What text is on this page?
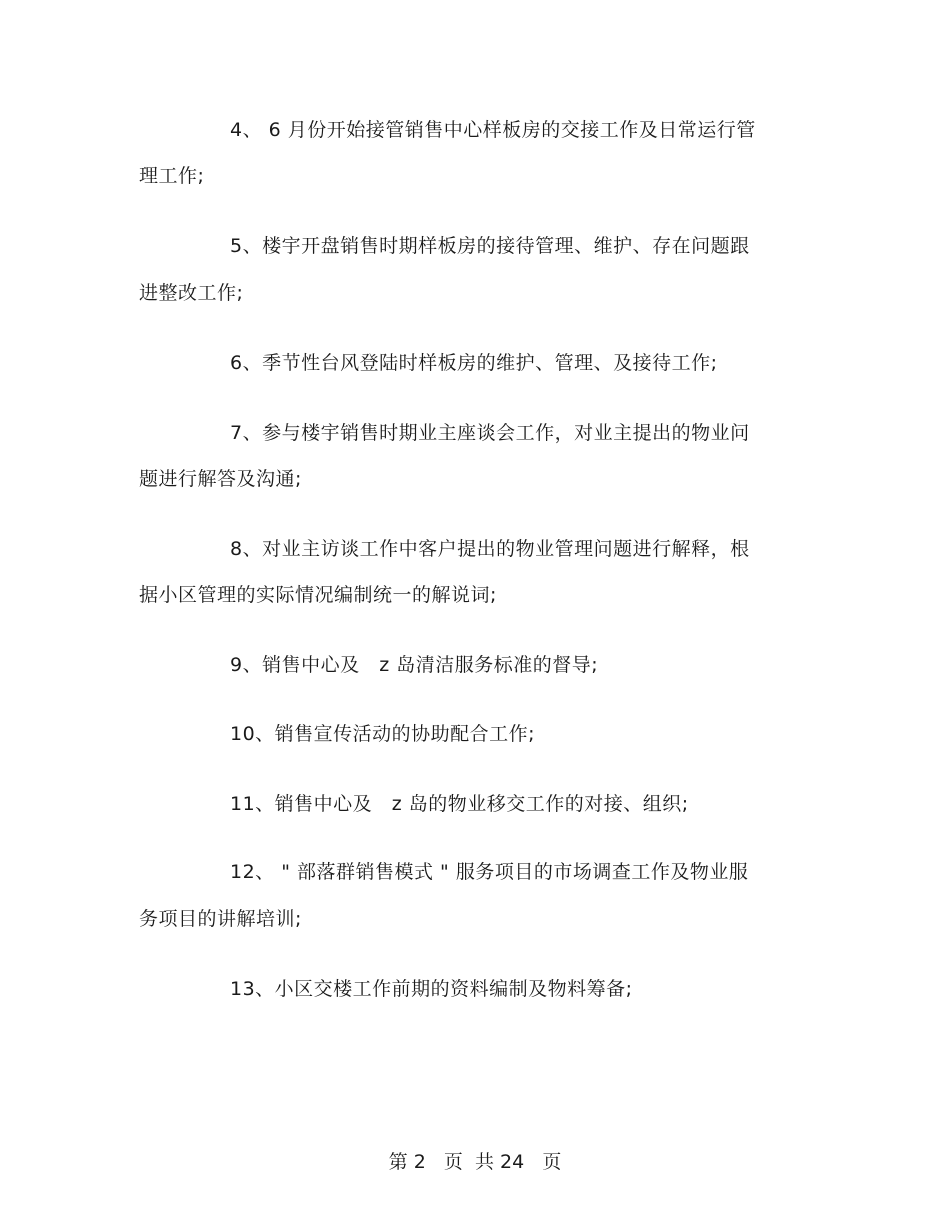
4、 6 月份开始接管销售中心样板房的交接工作及日常运行管
理工作;
5、楼宇开盘销售时期样板房的接待管理、维护、存在问题跟
进整改工作;
6、季节性台风登陆时样板房的维护、管理、及接待工作;
7、参与楼宇销售时期业主座谈会工作，对业主提出的物业问
题进行解答及沟通;
8、对业主访谈工作中客户提出的物业管理问题进行解释，根
据小区管理的实际情况编制统一的解说词;
9、销售中心及   z 岛清洁服务标准的督导;
10、销售宣传活动的协助配合工作;
11、销售中心及   z 岛的物业移交工作的对接、组织;
12、 " 部落群销售模式 " 服务项目的市场调查工作及物业服
务项目的讲解培训;
13、小区交楼工作前期的资料编制及物料筹备;
第 2   页  共 24   页
